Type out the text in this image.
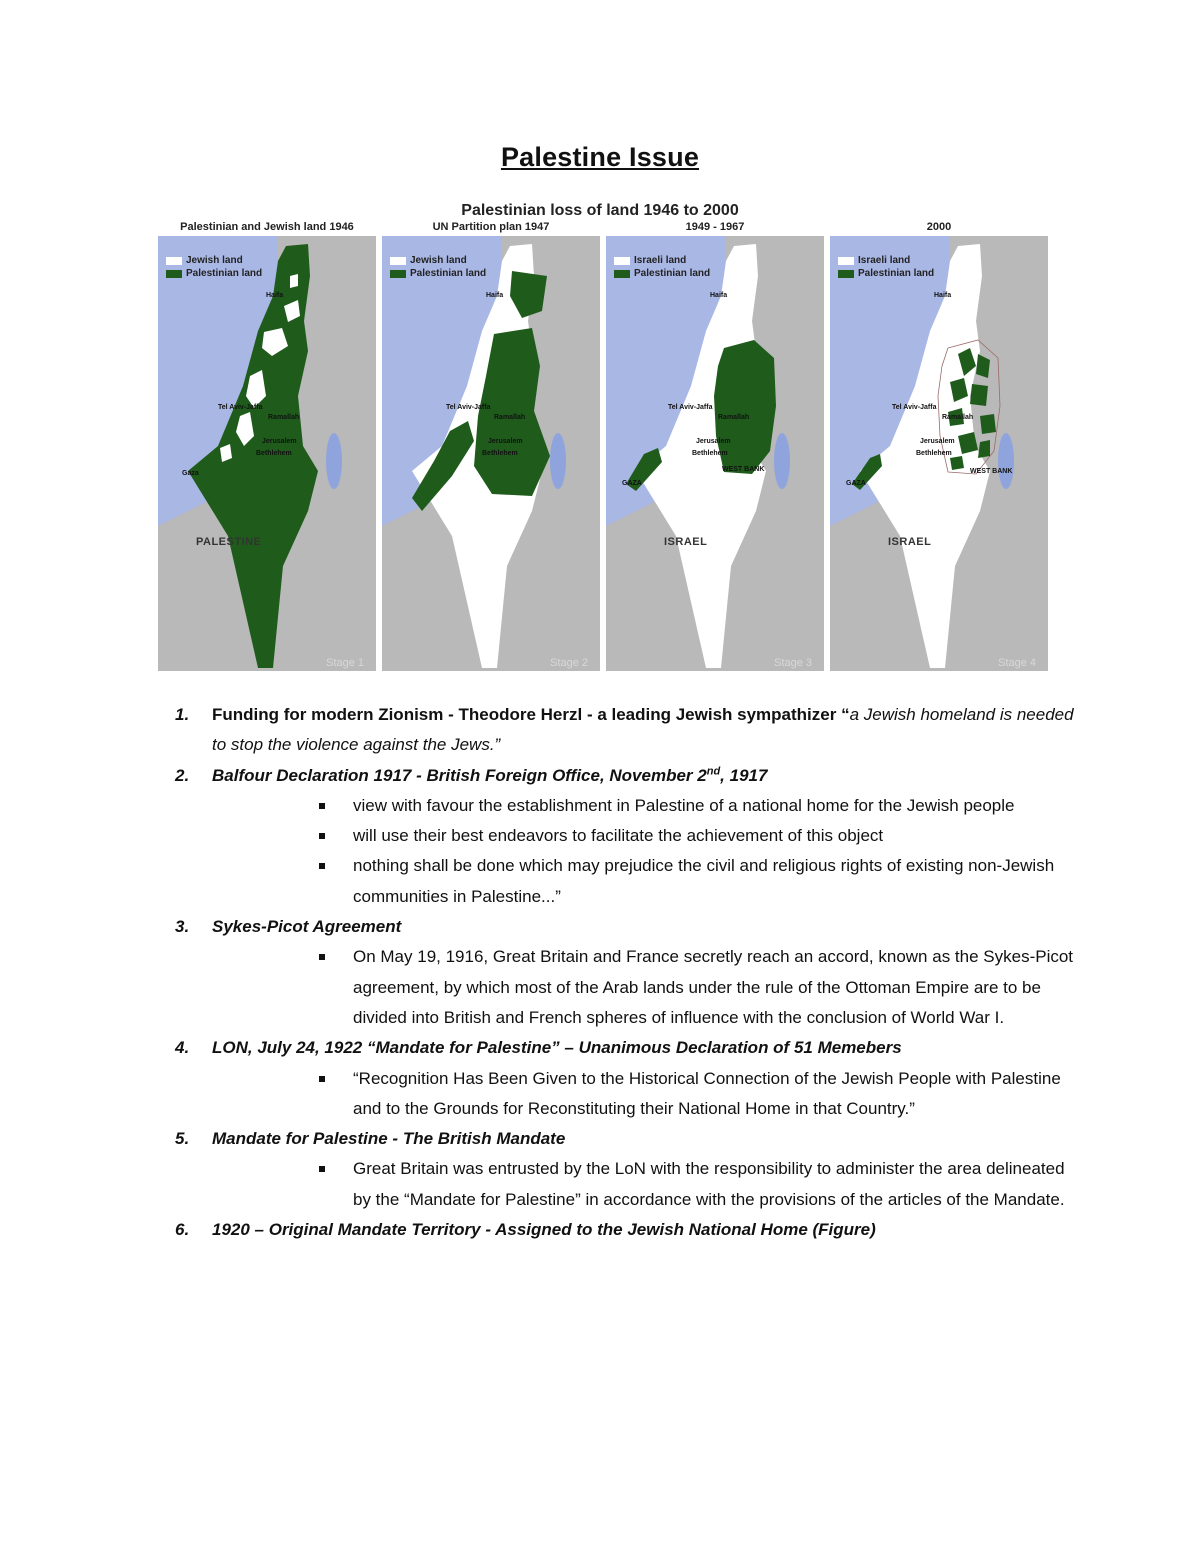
Palestine Issue
Palestinian loss of land 1946 to 2000
Palestinian and Jewish land 1946
Jewish land
Palestinian land
Haifa
Tel Aviv-Jaffa
Ramallah
Jerusalem
Bethlehem
Gaza
PALESTINE
Stage 1
UN Partition plan 1947
Jewish land
Palestinian land
Haifa
Tel Aviv-Jaffa
Ramallah
Jerusalem
Bethlehem
Stage 2
1949 - 1967
Israeli land
Palestinian land
Haifa
Tel Aviv-Jaffa
Ramallah
Jerusalem
Bethlehem
GAZA
WEST BANK
ISRAEL
Stage 3
2000
Israeli land
Palestinian land
Haifa
Tel Aviv-Jaffa
Ramallah
Jerusalem
Bethlehem
GAZA
WEST BANK
ISRAEL
Stage 4
1. Funding for modern Zionism - Theodore Herzl - a leading Jewish sympathizer “a Jewish homeland is needed to stop the violence against the Jews.”
2. Balfour Declaration 1917 - British Foreign Office, November 2nd, 1917
view with favour the establishment in Palestine of a national home for the Jewish people
will use their best endeavors to facilitate the achievement of this object
nothing shall be done which may prejudice the civil and religious rights of existing non-Jewish communities in Palestine...”
3. Sykes-Picot Agreement
On May 19, 1916, Great Britain and France secretly reach an accord, known as the Sykes-Picot agreement, by which most of the Arab lands under the rule of the Ottoman Empire are to be divided into British and French spheres of influence with the conclusion of World War I.
4. LON, July 24, 1922 “Mandate for Palestine” – Unanimous Declaration of 51 Memebers
“Recognition Has Been Given to the Historical Connection of the Jewish People with Palestine and to the Grounds for Reconstituting their National Home in that Country.”
5. Mandate for Palestine - The British Mandate
Great Britain was entrusted by the LoN with the responsibility to administer the area delineated by the “Mandate for Palestine” in accordance with the provisions of the articles of the Mandate.
6. 1920 – Original Mandate Territory - Assigned to the Jewish National Home (Figure)
